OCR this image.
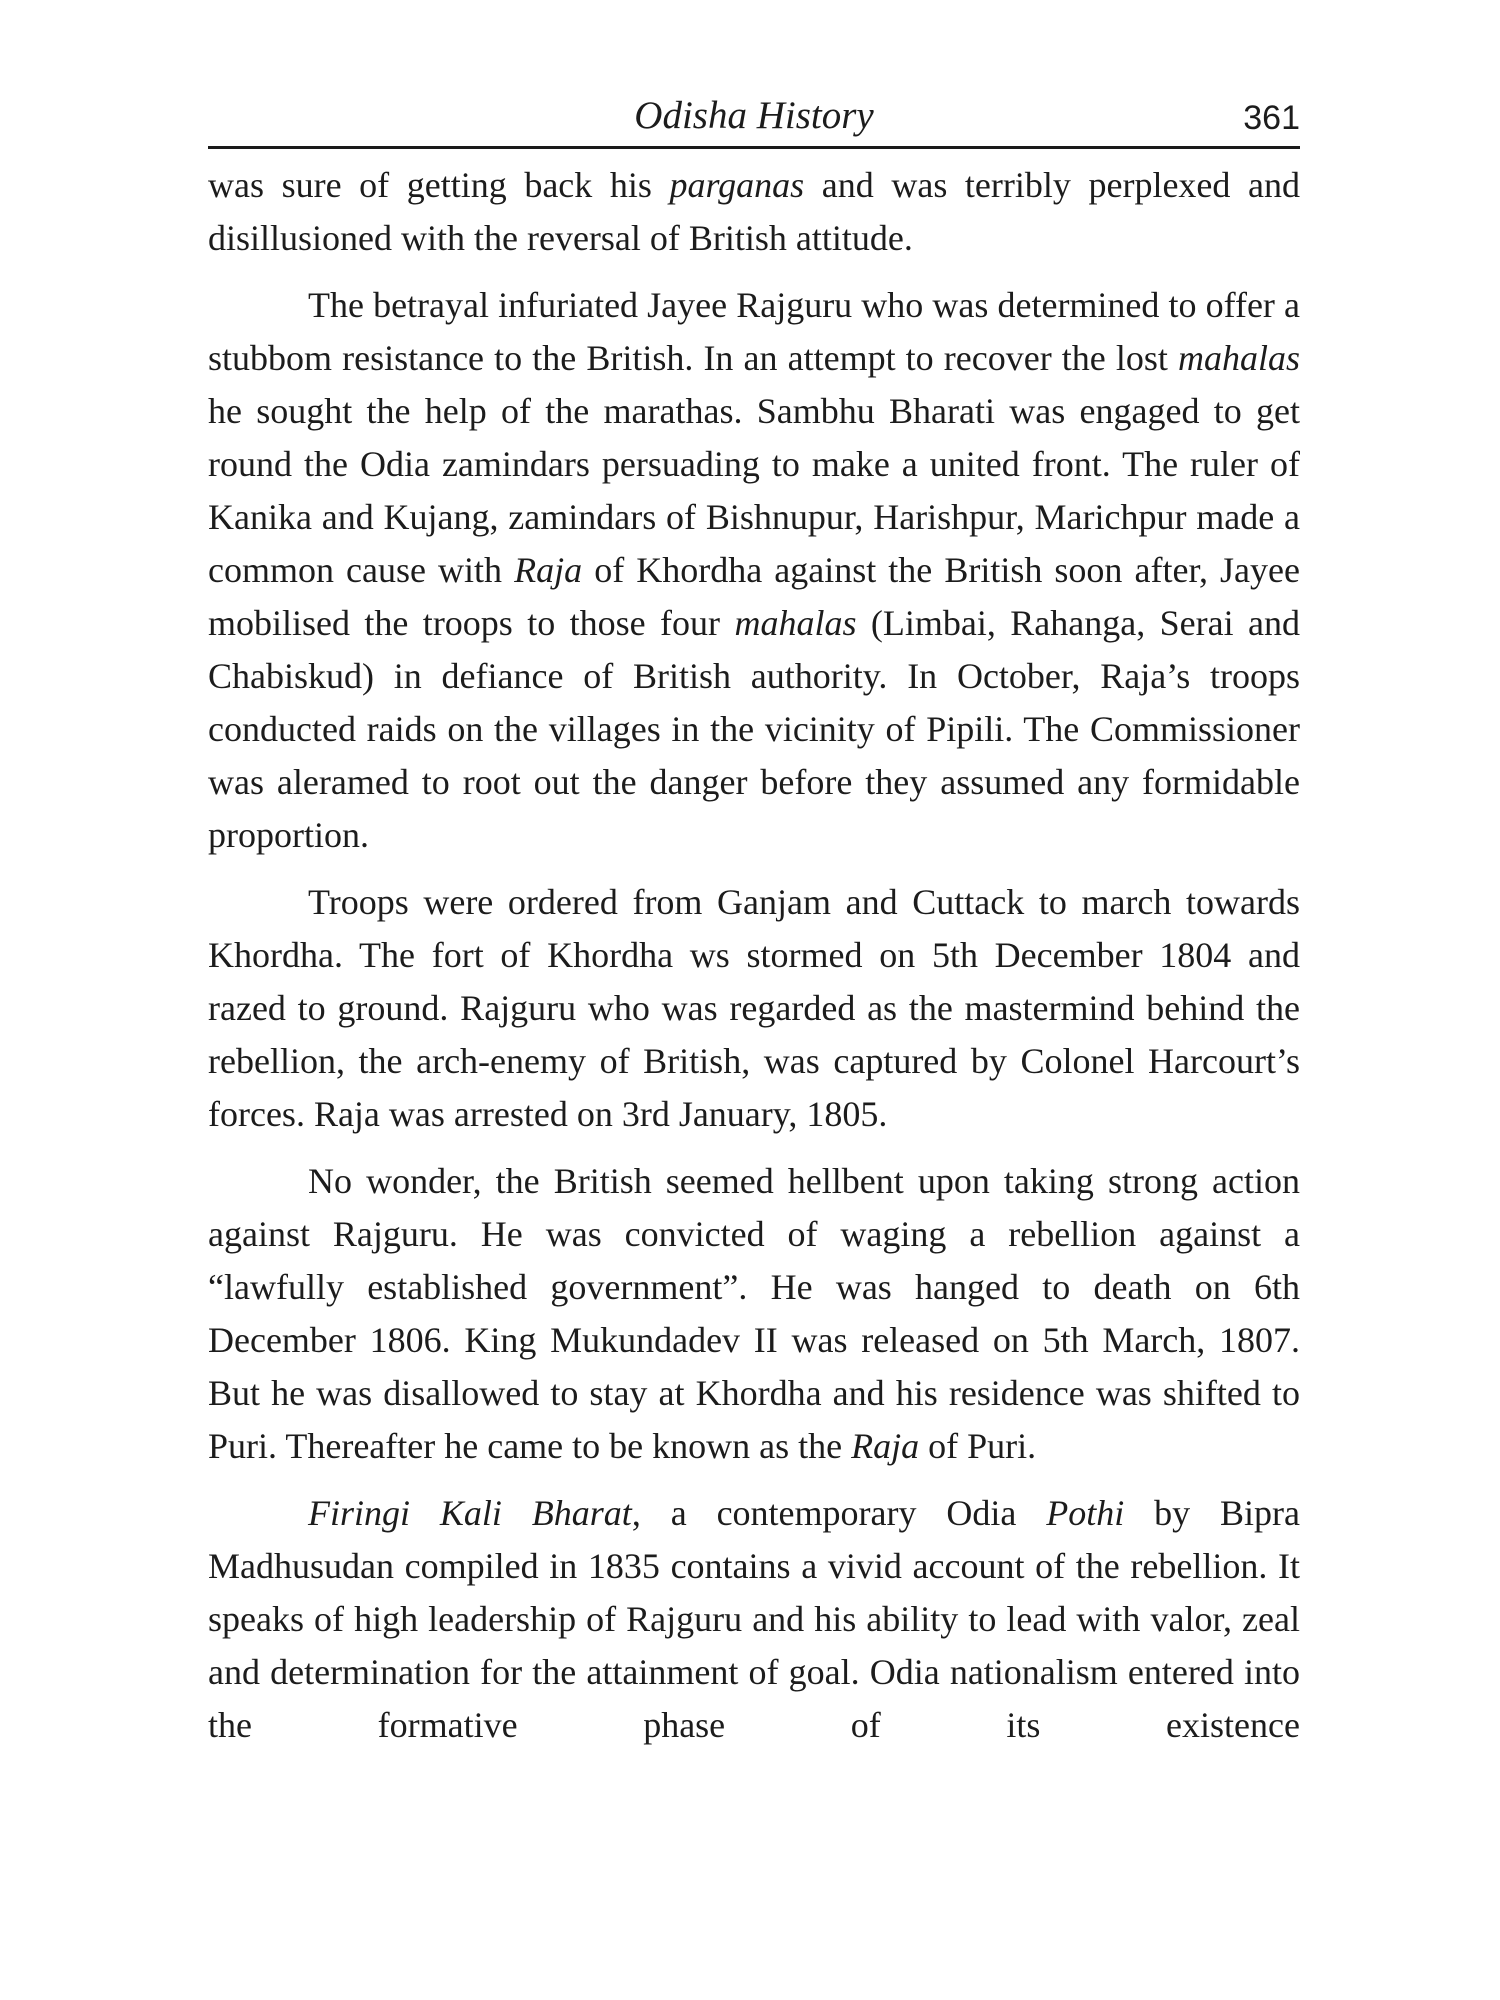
Odisha History	361

was sure of getting back his parganas and was terribly perplexed and disillusioned with the reversal of British attitude.

The betrayal infuriated Jayee Rajguru who was determined to offer a stubbom resistance to the British. In an attempt to recover the lost mahalas he sought the help of the marathas. Sambhu Bharati was engaged to get round the Odia zamindars persuading to make a united front. The ruler of Kanika and Kujang, zamindars of Bishnupur, Harishpur, Marichpur made a common cause with Raja of Khordha against the British soon after, Jayee mobilised the troops to those four mahalas (Limbai, Rahanga, Serai and Chabiskud) in defiance of British authority. In October, Raja’s troops conducted raids on the villages in the vicinity of Pipili. The Commissioner was aleramed to root out the danger before they assumed any formidable proportion.

Troops were ordered from Ganjam and Cuttack to march towards Khordha. The fort of Khordha ws stormed on 5th December 1804 and razed to ground. Rajguru who was regarded as the mastermind behind the rebellion, the arch-enemy of British, was captured by Colonel Harcourt’s forces. Raja was arrested on 3rd January, 1805.

No wonder, the British seemed hellbent upon taking strong action against Rajguru. He was convicted of waging a rebellion against a “lawfully established government”. He was hanged to death on 6th December 1806. King Mukundadev II was released on 5th March, 1807. But he was disallowed to stay at Khordha and his residence was shifted to Puri. Thereafter he came to be known as the Raja of Puri.

Firingi Kali Bharat, a contemporary Odia Pothi by Bipra Madhusudan compiled in 1835 contains a vivid account of the rebellion. It speaks of high leadership of Rajguru and his ability to lead with valor, zeal and determination for the attainment of goal. Odia nationalism entered into the formative phase of its existence
